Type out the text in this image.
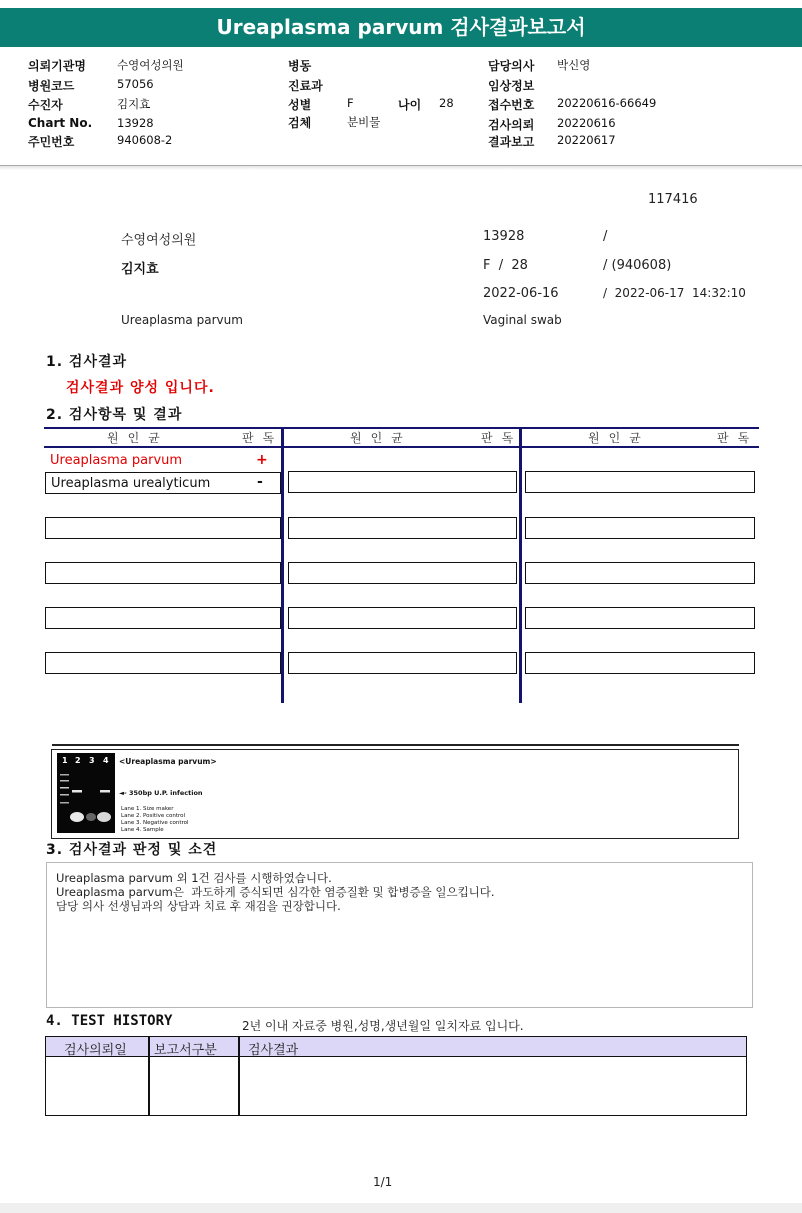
Ureaplasma parvum 검사결과보고서
의뢰기관명	수영여성의원
병원코드	57056
수진자	김지효
Chart No. 13928
주민번호	940608-2
병동
진료과
성별	F	나이 28
검체	분비물
담당의사 박신영
임상정보
접수번호 20220616-66649
검사의뢰 20220616
결과보고 20220617
117416
수영여성의원	13928	/
김지효	F  /  28	/ (940608)
2022-06-16	/  2022-06-17  14:32:10
Ureaplasma parvum	Vaginal swab
1. 검사결과
검사결과 양성 입니다.
2. 검사항목 및 결과
원인균	판독	원인균	판독	원인균	판독
Ureaplasma parvum	+
Ureaplasma urealyticum	-
1 2 3 4 <Ureaplasma parvum>
◄- 350bp U.P. infection
Lane 1. Size maker
Lane 2. Positive control
Lane 3. Negative control
Lane 4. Sample
3. 검사결과 판정 및 소견
Ureaplasma parvum 외 1건 검사를 시행하였습니다.
Ureaplasma parvum은  과도하게 증식되면 심각한 염증질환 및 합병증을 일으킵니다.
담당 의사 선생님과의 상담과 치료 후 재검을 권장합니다.
4. TEST HISTORY	2년 이내 자료중 병원,성명,생년월일 일치자료 입니다.
검사의뢰일 보고서구분 검사결과
1/1
